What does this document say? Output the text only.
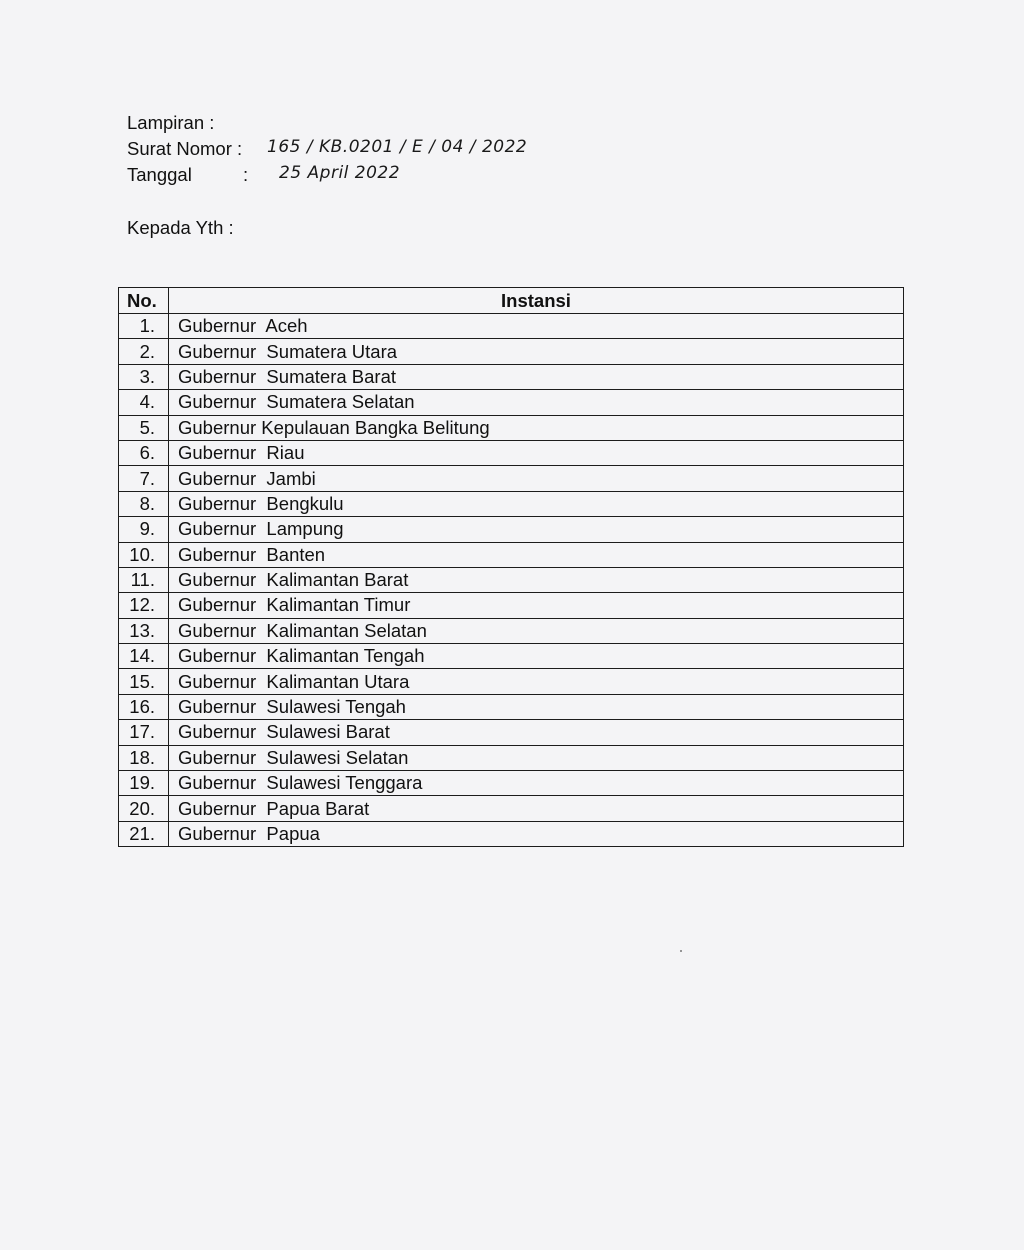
Lampiran :
Surat Nomor : 165 / KB.0201 / E / 04 / 2022
Tanggal	: 25 April 2022
Kepada Yth :
No.	Instansi
1.	Gubernur  Aceh
2.	Gubernur  Sumatera Utara
3.	Gubernur  Sumatera Barat
4.	Gubernur  Sumatera Selatan
5.	Gubernur Kepulauan Bangka Belitung
6.	Gubernur  Riau
7.	Gubernur  Jambi
8.	Gubernur  Bengkulu
9.	Gubernur  Lampung
10.	Gubernur  Banten
11.	Gubernur  Kalimantan Barat
12.	Gubernur  Kalimantan Timur
13.	Gubernur  Kalimantan Selatan
14.	Gubernur  Kalimantan Tengah
15.	Gubernur  Kalimantan Utara
16.	Gubernur  Sulawesi Tengah
17.	Gubernur  Sulawesi Barat
18.	Gubernur  Sulawesi Selatan
19.	Gubernur  Sulawesi Tenggara
20.	Gubernur  Papua Barat
21.	Gubernur  Papua
